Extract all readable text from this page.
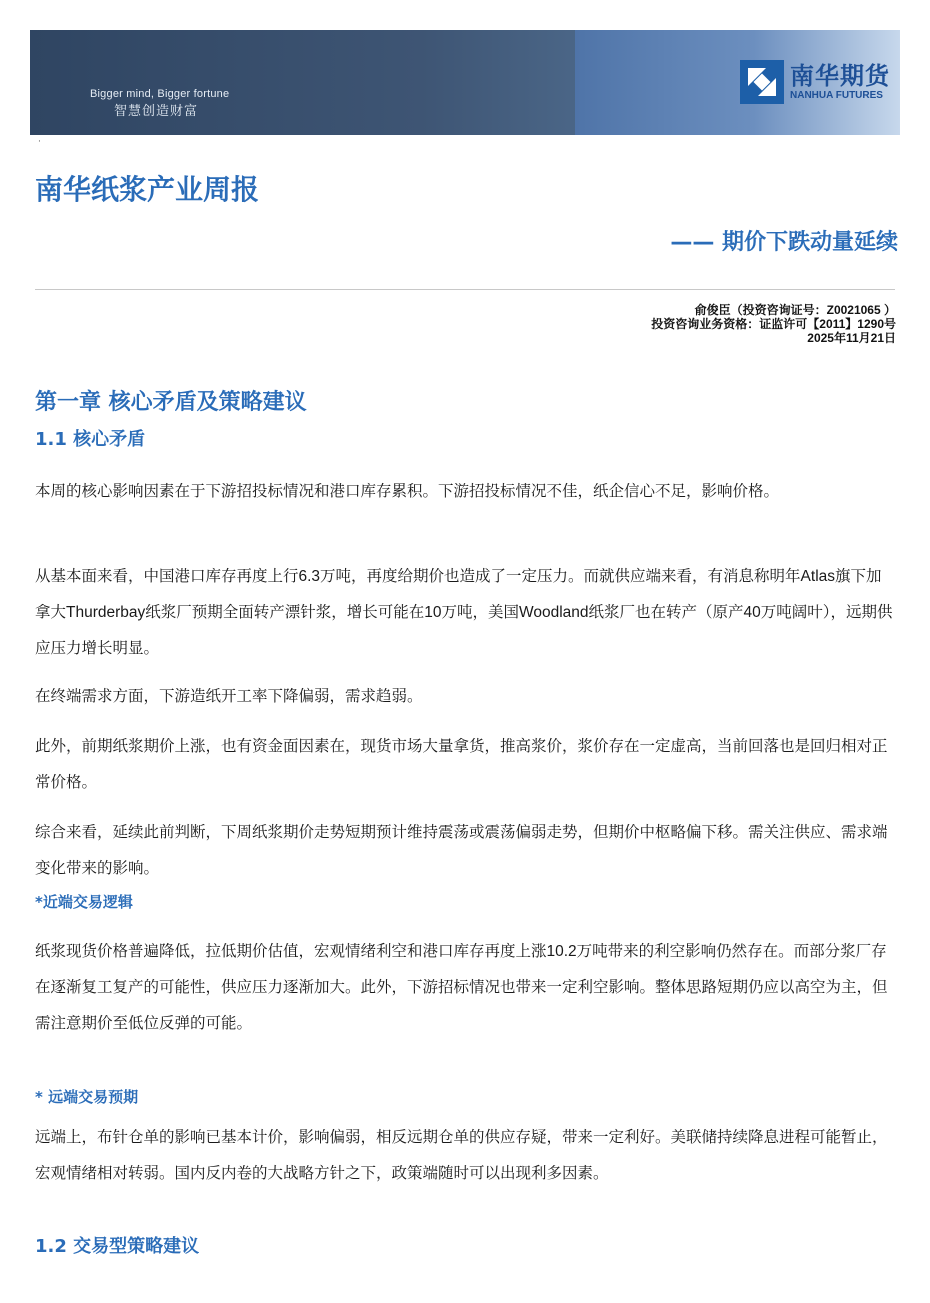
Bigger mind, Bigger fortune
智慧创造财富
南华期货
NANHUA FUTURES
·
南华纸浆产业周报
—— 期价下跌动量延续
俞俊臣（投资咨询证号：Z0021065 ）
投资咨询业务资格：证监许可【2011】1290号
2025年11月21日
第一章 核心矛盾及策略建议
1.1 核心矛盾

本周的核心影响因素在于下游招投标情况和港口库存累积。下游招投标情况不佳，纸企信心不足，影响价格。

从基本面来看，中国港口库存再度上行6.3万吨，再度给期价也造成了一定压力。而就供应端来看，有消息称明年Atlas旗下加拿大Thurderbay纸浆厂预期全面转产漂针浆，增长可能在10万吨，美国Woodland纸浆厂也在转产（原产40万吨阔叶），远期供应压力增长明显。

在终端需求方面，下游造纸开工率下降偏弱，需求趋弱。

此外，前期纸浆期价上涨，也有资金面因素在，现货市场大量拿货，推高浆价，浆价存在一定虚高，当前回落也是回归相对正常价格。

综合来看，延续此前判断，下周纸浆期价走势短期预计维持震荡或震荡偏弱走势，但期价中枢略偏下移。需关注供应、需求端变化带来的影响。

*近端交易逻辑

纸浆现货价格普遍降低，拉低期价估值，宏观情绪利空和港口库存再度上涨10.2万吨带来的利空影响仍然存在。而部分浆厂存在逐渐复工复产的可能性，供应压力逐渐加大。此外，下游招标情况也带来一定利空影响。整体思路短期仍应以高空为主，但需注意期价至低位反弹的可能。

* 远端交易预期

远端上，布针仓单的影响已基本计价，影响偏弱，相反远期仓单的供应存疑，带来一定利好。美联储持续降息进程可能暂止，宏观情绪相对转弱。国内反内卷的大战略方针之下，政策端随时可以出现利多因素。

1.2 交易型策略建议
